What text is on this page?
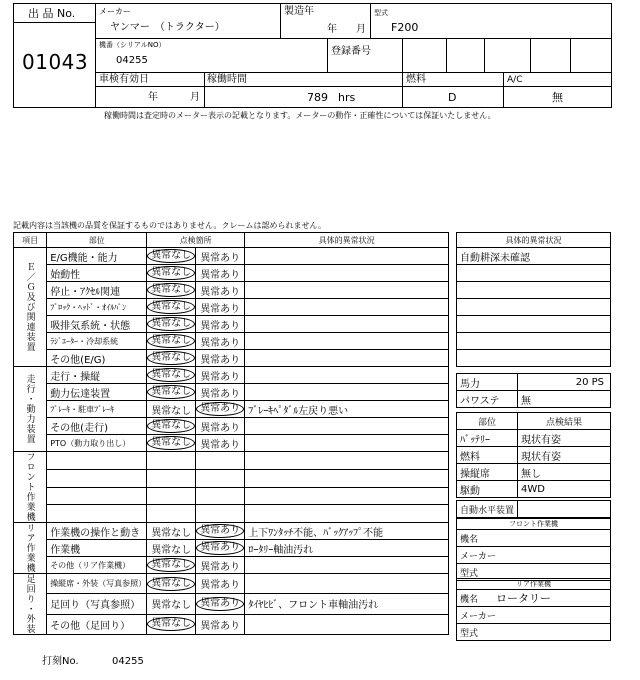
出 品 No.
01043
メーカー
ヤンマー　（トラクター）
製造年
年 月
型式
F200
機番（シリアルNO）
04255
登録番号
車検有効日
年	月
稼働時間
789 hrs
燃料
D
A/C
無
稼働時間は査定時のメーター表示の記載となります。メーターの動作・正確性については保証いたしません。
記載内容は当該機の品質を保証するものではありません。クレームは認められません。
項目	部位	点検箇所		具体的異常状況

Ｅ／Ｇ及び関連装置	E/G機能・能力	異常なし	異常あり	
	始動性	異常なし	異常あり	
	停止・ｱｸｾﾙ関連	異常なし	異常あり	
	ﾌﾞﾛｯｸ・ﾍｯﾄﾞ・ｵｲﾙﾊﾟﾝ	異常なし	異常あり	
	吸排気系統・状態	異常なし	異常あり	
	ﾗｼﾞｴｰﾀｰ・冷却系統	異常なし	異常あり	
	その他(E/G)	異常なし	異常あり	

走行・動力装置	走行・操縦	異常なし	異常あり	
	動力伝達装置	異常なし	異常あり	
	ﾌﾞﾚｰｷ・駐車ﾌﾞﾚｰｷ	異常なし	異常あり	ﾌﾞﾚｰｷﾍﾟﾀﾞﾙ左戻り悪い
	その他(走行)	異常なし	異常あり	
	PTO（動力取り出し）	異常なし	異常あり	

フロント作業機				

リア作業機	作業機の操作と動き	異常なし	異常あり	上下ﾜﾝﾀｯﾁ不能、ﾊﾞｯｸｱｯﾌﾟ不能
	作業機	異常なし	異常あり	ﾛｰﾀﾘｰ軸油汚れ
	その他（リア作業機）	異常なし	異常あり	

足回り・外装	操縦席・外装（写真参照）	異常なし	異常あり	
	足回り（写真参照）	異常なし	異常あり	ﾀｲﾔﾋﾋﾞ、フロント車軸油汚れ
	その他（足回り）	異常なし	異常あり	
具体的異常状況
自動耕深未確認

馬力	20 PS
パワステ	無
部位	点検結果
ﾊﾞｯﾃﾘｰ	現状有姿
燃料	現状有姿
操縦席	無し
駆動	4WD
自動水平装置	
フロント作業機
機名
メーカー
型式
リア作業機
機名 ロータリー
メーカー
型式
打刻No.	04255
